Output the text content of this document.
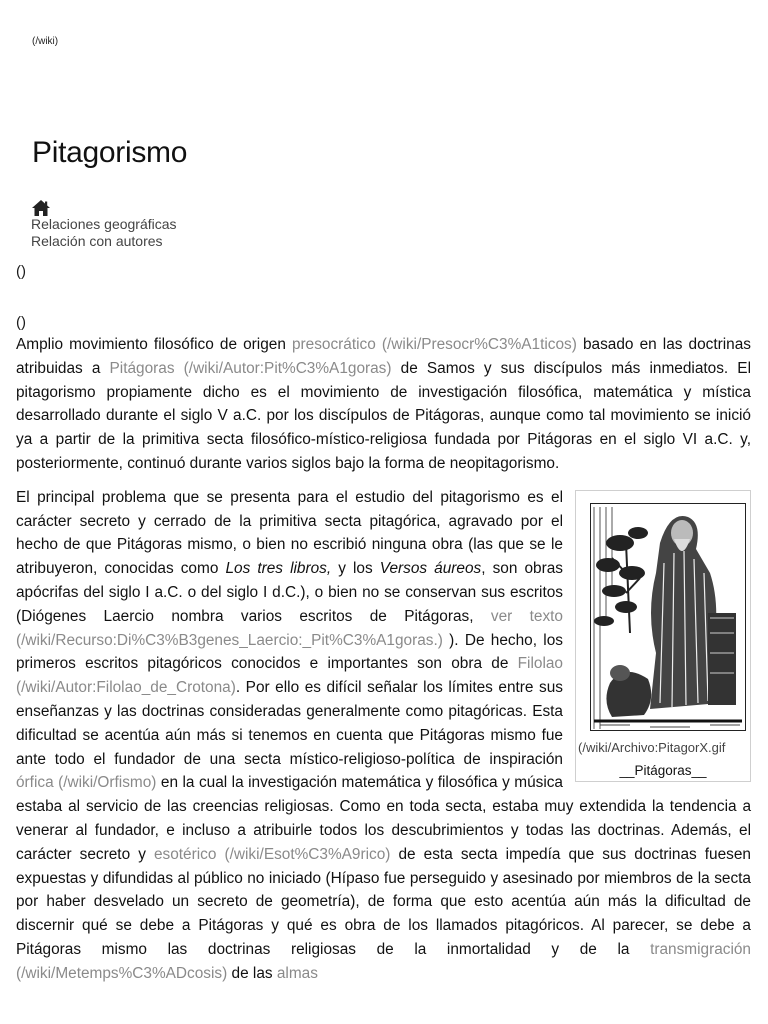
(/wiki)
Pitagorismo
Relaciones geográficas
Relación con autores
()
()

Amplio movimiento filosófico de origen presocrático (/wiki/Presocr%C3%A1ticos) basado en las doctrinas atribuidas a Pitágoras (/wiki/Autor:Pit%C3%A1goras) de Samos y sus discípulos más inmediatos. El pitagorismo propiamente dicho es el movimiento de investigación filosófica, matemática y mística desarrollado durante el siglo V a.C. por los discípulos de Pitágoras, aunque como tal movimiento se inició ya a partir de la primitiva secta filosófico-místico-religiosa fundada por Pitágoras en el siglo VI a.C. y, posteriormente, continuó durante varios siglos bajo la forma de neopitagorismo.

(/wiki/Archivo:PitagorX.gif
__Pitágoras__

El principal problema que se presenta para el estudio del pitagorismo es el carácter secreto y cerrado de la primitiva secta pitagórica, agravado por el hecho de que Pitágoras mismo, o bien no escribió ninguna obra (las que se le atribuyeron, conocidas como Los tres libros, y los Versos áureos, son obras apócrifas del siglo I a.C. o del siglo I d.C.), o bien no se conservan sus escritos (Diógenes Laercio nombra varios escritos de Pitágoras, ver texto (/wiki/Recurso:Di%C3%B3genes_Laercio:_Pit%C3%A1goras.) ). De hecho, los primeros escritos pitagóricos conocidos e importantes son obra de Filolao (/wiki/Autor:Filolao_de_Crotona). Por ello es difícil señalar los límites entre sus enseñanzas y las doctrinas consideradas generalmente como pitagóricas. Esta dificultad se acentúa aún más si tenemos en cuenta que Pitágoras mismo fue ante todo el fundador de una secta místico-religioso-política de inspiración órfica (/wiki/Orfismo) en la cual la investigación matemática y filosófica y música estaba al servicio de las creencias religiosas. Como en toda secta, estaba muy extendida la tendencia a venerar al fundador, e incluso a atribuirle todos los descubrimientos y todas las doctrinas. Además, el carácter secreto y esotérico (/wiki/Esot%C3%A9rico) de esta secta impedía que sus doctrinas fuesen expuestas y difundidas al público no iniciado (Hípaso fue perseguido y asesinado por miembros de la secta por haber desvelado un secreto de geometría), de forma que esto acentúa aún más la dificultad de discernir qué se debe a Pitágoras y qué es obra de los llamados pitagóricos. Al parecer, se debe a Pitágoras mismo las doctrinas religiosas de la inmortalidad y de la transmigración (/wiki/Metemps%C3%ADcosis) de las almas
